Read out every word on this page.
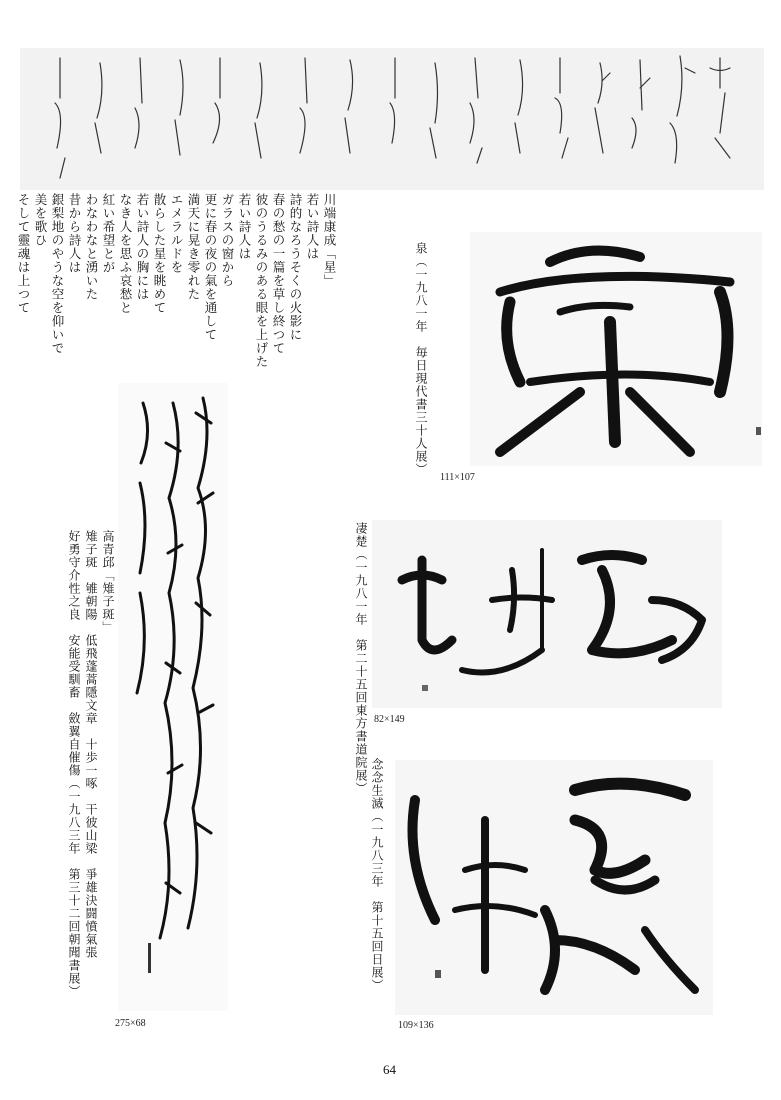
川端康成「星」
若い詩人は
詩的なろうそくの火影に
春の愁の一篇を草し終つて
彼のうるみのある眼を上げた
若い詩人は
ガラスの窗から
更に春の夜の氣を通して
満天に晃き零れた
エメラルドを
散らした星を眺めて
若い詩人の胸には
なき人を思ふ哀愁と
紅い希望とが
わなわなと湧いた
昔から詩人は
銀梨地のやうな空を仰いで
美を歌ひ
そして靈魂は上つて	泉（一九八一年　毎日現代書三十人展）
111×107
凄楚（一九八一年　第二十五回東方書道院展） 82×149
念念生滅（一九八三年　第十五回日展）
109×136
高青邱「雉子斑」
雉子斑　雊朝陽　低飛蓬蒿隱文章　十歩一啄　干彼山梁　爭雄決闘憤氣張
好勇守介性之良　安能受馴畜　斂翼自催傷（一九八三年　第三十二回朝聞書展）
275×68
64
